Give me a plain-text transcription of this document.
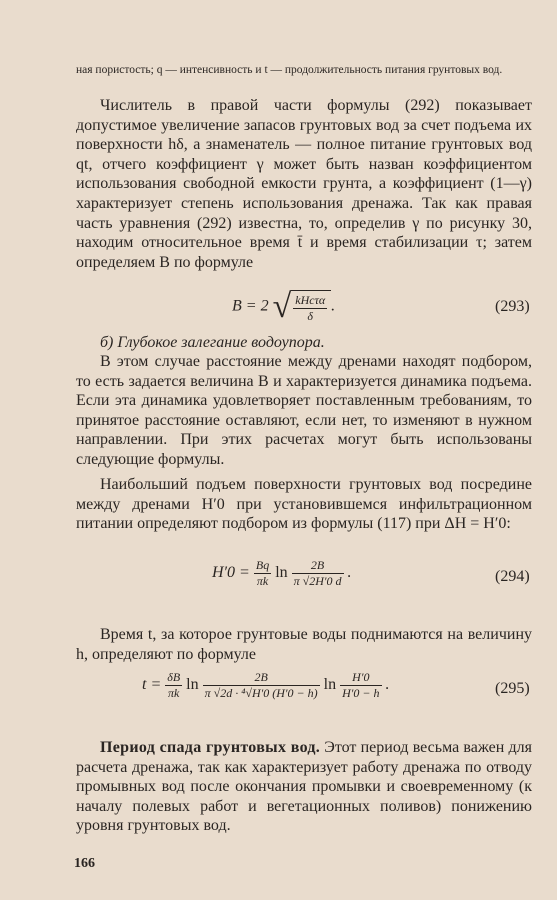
ная пористость; q — интенсивность и t — продолжительность питания грунтовых вод.
Числитель в правой части формулы (292) показывает допустимое увеличение запасов грунтовых вод за счет подъема их поверхности hδ, а знаменатель — полное питание грунтовых вод qt, отчего коэффициент γ может быть назван коэффициентом использования свободной емкости грунта, а коэффициент (1—γ) характеризует степень использования дренажа. Так как правая часть уравнения (292) известна, то, определив γ по рисунку 30, находим относительное время t̄ и время стабилизации τ; затем определяем B по формуле
B = 2 √ $\frac{\text{kHcτα}}{\delta}$ .	(293)
б) Глубокое залегание водоупора.
В этом случае расстояние между дренами находят подбором, то есть задается величина B и характеризуется динамика подъема. Если эта динамика удовлетворяет поставленным требованиям, то принятое расстояние оставляют, если нет, то изменяют в нужном направлении. При этих расчетах могут быть использованы следующие формулы.
Наибольший подъем поверхности грунтовых вод посредине между дренами H′0 при установившемся инфильтрационном питании определяют подбором из формулы (117) при ΔH = H′0:
$H'0 = \frac{Bq}{\pi k}$ $\ln \frac{2B}{\pi √2H'0 d}$ .	(294)
Время t, за которое грунтовые воды поднимаются на величину h, определяют по формуле
$t = \frac{\delta B}{\pi k}$ $\ln \frac{2B}{\text{π √2d · ⁴√H′0 (H′0 − h)}}$ $\ln \frac{H'0}{H'0 - h}$ .	(295)
Период спада грунтовых вод. Этот период весьма важен для расчета дренажа, так как характеризует работу дренажа по отводу промывных вод после окончания промывки и своевременному (к началу полевых работ и вегетационных поливов) понижению уровня грунтовых вод.
166
